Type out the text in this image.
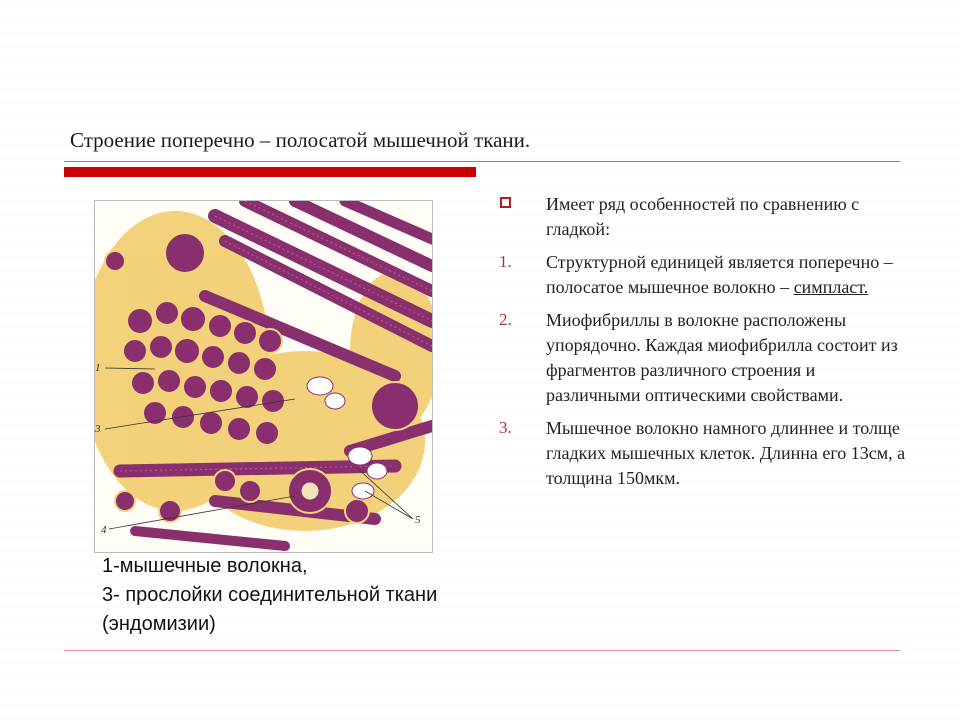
Строение поперечно – полосатой мышечной ткани.
1
3
4
5
1-мышечные волокна,
3- прослойки соединительной ткани
(эндомизии)
Имеет ряд особенностей по сравнению с гладкой:
1. Структурной единицей является поперечно – полосатое мышечное волокно – симпласт.
2. Миофибриллы в волокне расположены упорядочно. Каждая миофибрилла состоит из фрагментов различного строения и различными оптическими свойствами.
3. Мышечное волокно намного длиннее и толще гладких мышечных клеток. Длинна его 13см, а толщина 150мкм.
